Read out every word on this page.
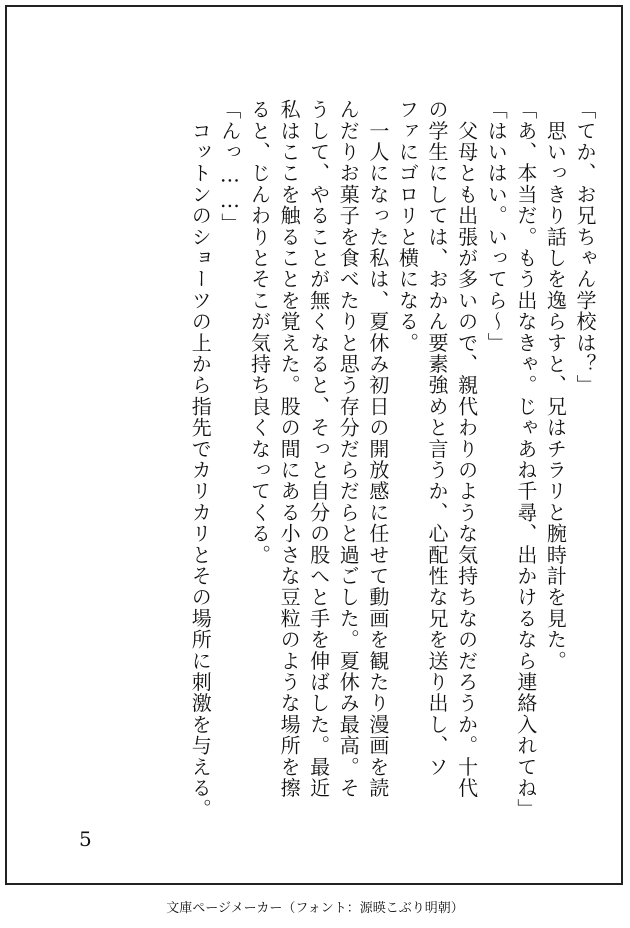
「てか、お兄ちゃん学校は？」

　思いっきり話しを逸らすと、兄はチラリと腕時計を見た。

「あ、本当だ。もう出なきゃ。じゃあね千尋、出かけるなら連絡入れてね」

「はいはい。いってら～」

　父母とも出張が多いので、親代わりのような気持ちなのだろうか。十代

の学生にしては、おかん要素強めと言うか、心配性な兄を送り出し、ソ

ファにゴロリと横になる。

　一人になった私は、夏休み初日の開放感に任せて動画を観たり漫画を読

んだりお菓子を食べたりと思う存分だらだらと過ごした。夏休み最高。そ

うして、やることが無くなると、そっと自分の股へと手を伸ばした。最近

私はここを触ることを覚えた。股の間にある小さな豆粒のような場所を擦

ると、じんわりとそこが気持ち良くなってくる。

「んっ……」

　コットンのショーツの上から指先でカリカリとその場所に刺激を与える。

5
文庫ページメーカー（フォント：源暎こぶり明朝）
